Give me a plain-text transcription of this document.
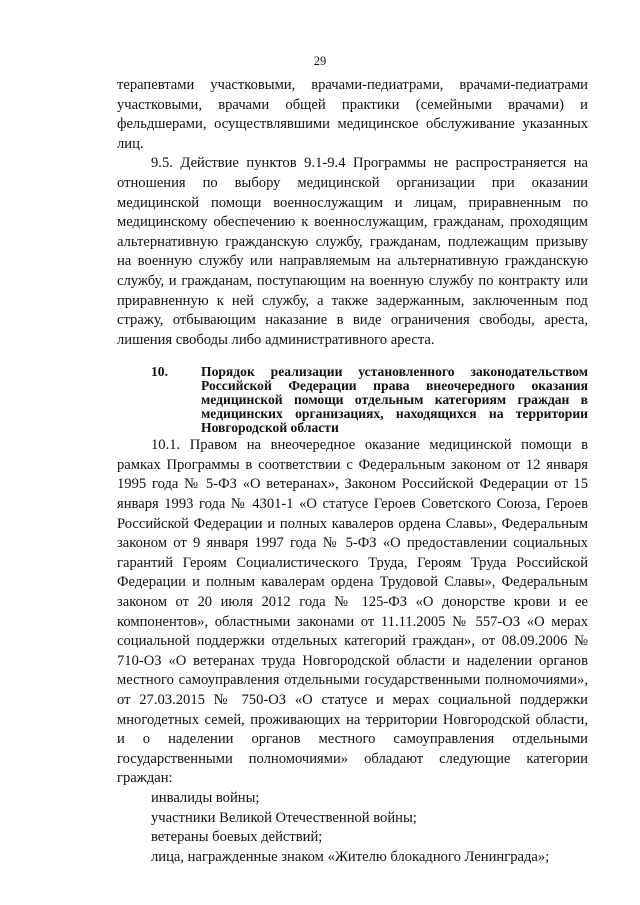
29

терапевтами участковыми, врачами-педиатрами, врачами-педиатрами участковыми, врачами общей практики (семейными врачами) и фельдшерами, осуществлявшими медицинское обслуживание указанных лиц.

9.5. Действие пунктов 9.1-9.4 Программы не распространяется на отношения по выбору медицинской организации при оказании медицинской помощи военнослужащим и лицам, приравненным по медицинскому обеспечению к военнослужащим, гражданам, проходящим альтернативную гражданскую службу, гражданам, подлежащим призыву на военную службу или направляемым на альтернативную гражданскую службу, и гражданам, поступающим на военную службу по контракту или приравненную к ней службу, а также задержанным, заключенным под стражу, отбывающим наказание в виде ограничения свободы, ареста, лишения свободы либо административного ареста.

10.	Порядок реализации установленного законодательством Российской Федерации права внеочередного оказания медицинской помощи отдельным категориям граждан в медицинских организациях, находящихся на территории Новгородской области

10.1. Правом на внеочередное оказание медицинской помощи в рамках Программы в соответствии с Федеральным законом от 12 января 1995 года № 5-ФЗ «О ветеранах», Законом Российской Федерации от 15 января 1993 года № 4301-1 «О статусе Героев Советского Союза, Героев Российской Федерации и полных кавалеров ордена Славы», Федеральным законом от 9 января 1997 года № 5-ФЗ «О предоставлении социальных гарантий Героям Социалистического Труда, Героям Труда Российской Федерации и полным кавалерам ордена Трудовой Славы», Федеральным законом от 20 июля 2012 года № 125-ФЗ «О донорстве крови и ее компонентов», областными законами от 11.11.2005 № 557-ОЗ «О мерах социальной поддержки отдельных категорий граждан», от 08.09.2006 № 710-ОЗ «О ветеранах труда Новгородской области и наделении органов местного самоуправления отдельными государственными полномочиями», от 27.03.2015 № 750-ОЗ «О статусе и мерах социальной поддержки многодетных семей, проживающих на территории Новгородской области, и о наделении органов местного самоуправления отдельными государственными полномочиями» обладают следующие категории граждан:

инвалиды войны;

участники Великой Отечественной войны;

ветераны боевых действий;

лица, награжденные знаком «Жителю блокадного Ленинграда»;
